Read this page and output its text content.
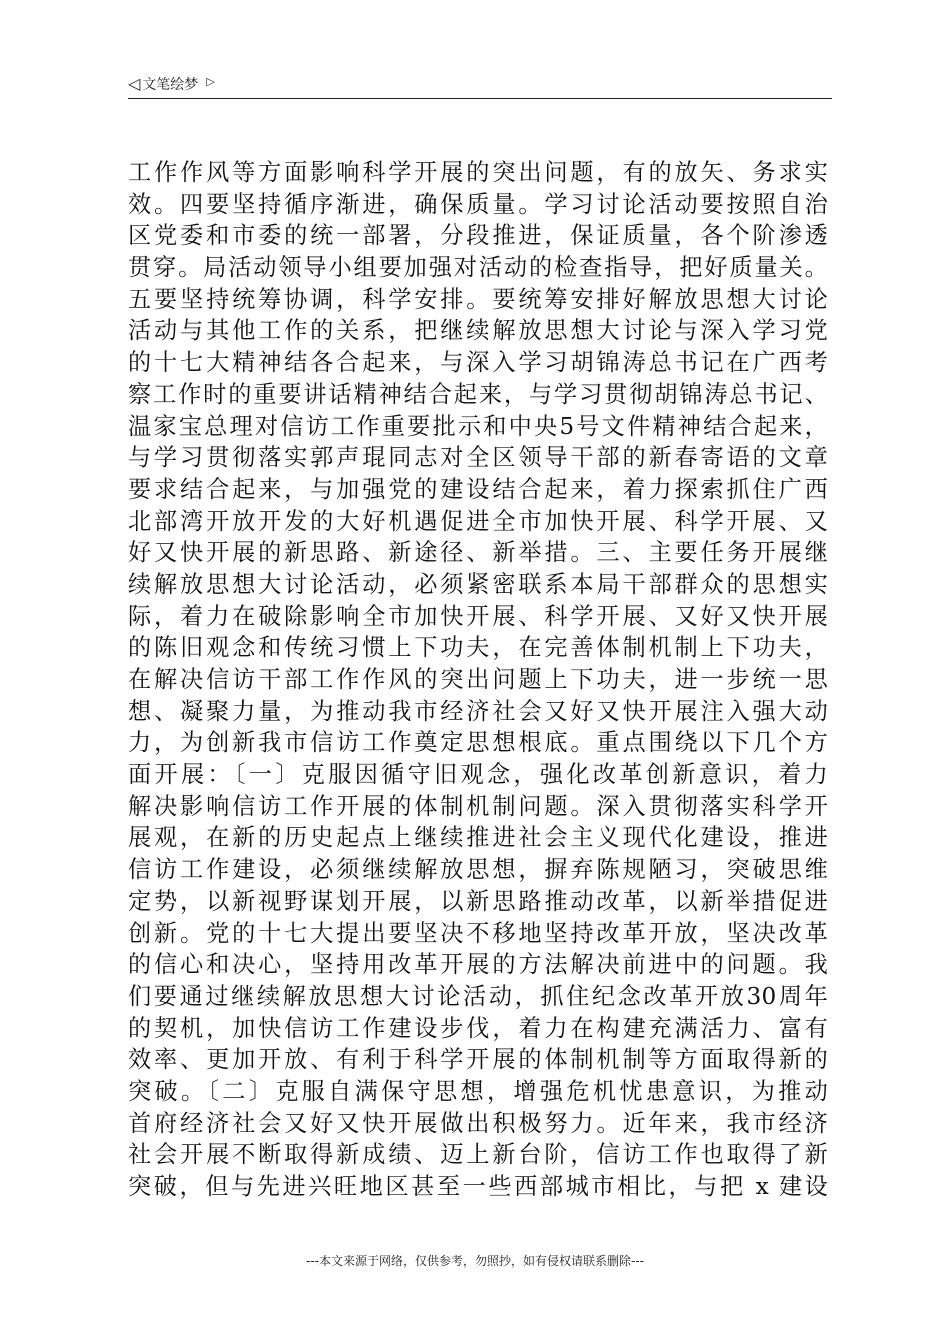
◁ 文笔绘梦 ▷
工作作风等方面影响科学开展的突出问题，有的放矢、务求实
效。四要坚持循序渐进，确保质量。学习讨论活动要按照自治
区党委和市委的统一部署，分段推进，保证质量，各个阶渗透
贯穿。局活动领导小组要加强对活动的检查指导，把好质量关。
五要坚持统筹协调，科学安排。要统筹安排好解放思想大讨论
活动与其他工作的关系，把继续解放思想大讨论与深入学习党
的十七大精神结各合起来，与深入学习胡锦涛总书记在广西考
察工作时的重要讲话精神结合起来，与学习贯彻胡锦涛总书记、
温家宝总理对信访工作重要批示和中央5号文件精神结合起来，
与学习贯彻落实郭声琨同志对全区领导干部的新春寄语的文章
要求结合起来，与加强党的建设结合起来，着力探索抓住广西
北部湾开放开发的大好机遇促进全市加快开展、科学开展、又
好又快开展的新思路、新途径、新举措。三、主要任务开展继
续解放思想大讨论活动，必须紧密联系本局干部群众的思想实
际，着力在破除影响全市加快开展、科学开展、又好又快开展
的陈旧观念和传统习惯上下功夫，在完善体制机制上下功夫，
在解决信访干部工作作风的突出问题上下功夫，进一步统一思
想、凝聚力量，为推动我市经济社会又好又快开展注入强大动
力，为创新我市信访工作奠定思想根底。重点围绕以下几个方
面开展：〔一〕克服因循守旧观念，强化改革创新意识，着力
解决影响信访工作开展的体制机制问题。深入贯彻落实科学开
展观，在新的历史起点上继续推进社会主义现代化建设，推进
信访工作建设，必须继续解放思想，摒弃陈规陋习，突破思维
定势，以新视野谋划开展，以新思路推动改革，以新举措促进
创新。党的十七大提出要坚决不移地坚持改革开放，坚决改革
的信心和决心，坚持用改革开展的方法解决前进中的问题。我
们要通过继续解放思想大讨论活动，抓住纪念改革开放30周年
的契机，加快信访工作建设步伐，着力在构建充满活力、富有
效率、更加开放、有利于科学开展的体制机制等方面取得新的
突破。〔二〕克服自满保守思想，增强危机忧患意识，为推动
首府经济社会又好又快开展做出积极努力。近年来，我市经济
社会开展不断取得新成绩、迈上新台阶，信访工作也取得了新
突破，但与先进兴旺地区甚至一些西部城市相比，与把 x 建设
---本文来源于网络，仅供参考，勿照抄，如有侵权请联系删除---
